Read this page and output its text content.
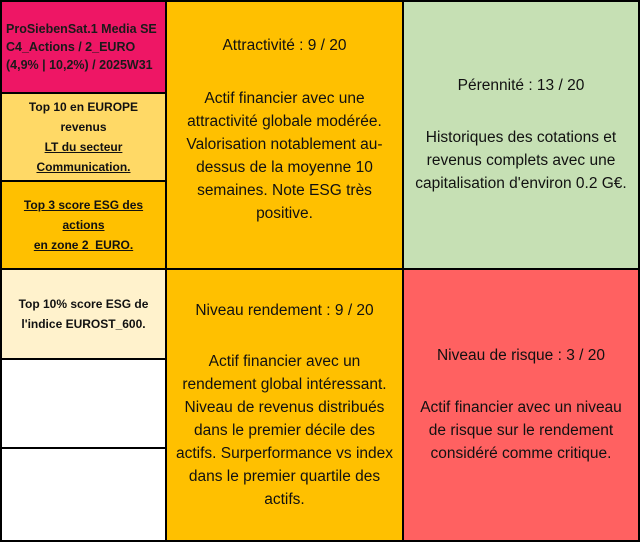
ProSiebenSat.1 Media SE
C4_Actions / 2_EURO
(4,9% | 10,2%) / 2025W31
Top 10 en EUROPE revenus
LT du secteur
Communication.
Top 3 score ESG des actions
en zone 2_EURO.
Top 10% score ESG de
l'indice EUROST_600.
Attractivité : 9 / 20
Actif financier avec une attractivité globale modérée. Valorisation notablement au-dessus de la moyenne 10 semaines. Note ESG très positive.
Niveau rendement : 9 / 20
Actif financier avec un rendement global intéressant. Niveau de revenus distribués dans le premier décile des actifs. Surperformance vs index dans le premier quartile des actifs.
Pérennité : 13 / 20
Historiques des cotations et revenus complets avec une capitalisation d'environ 0.2 G€.
Niveau de risque : 3 / 20
Actif financier avec un niveau de risque sur le rendement considéré comme critique.
